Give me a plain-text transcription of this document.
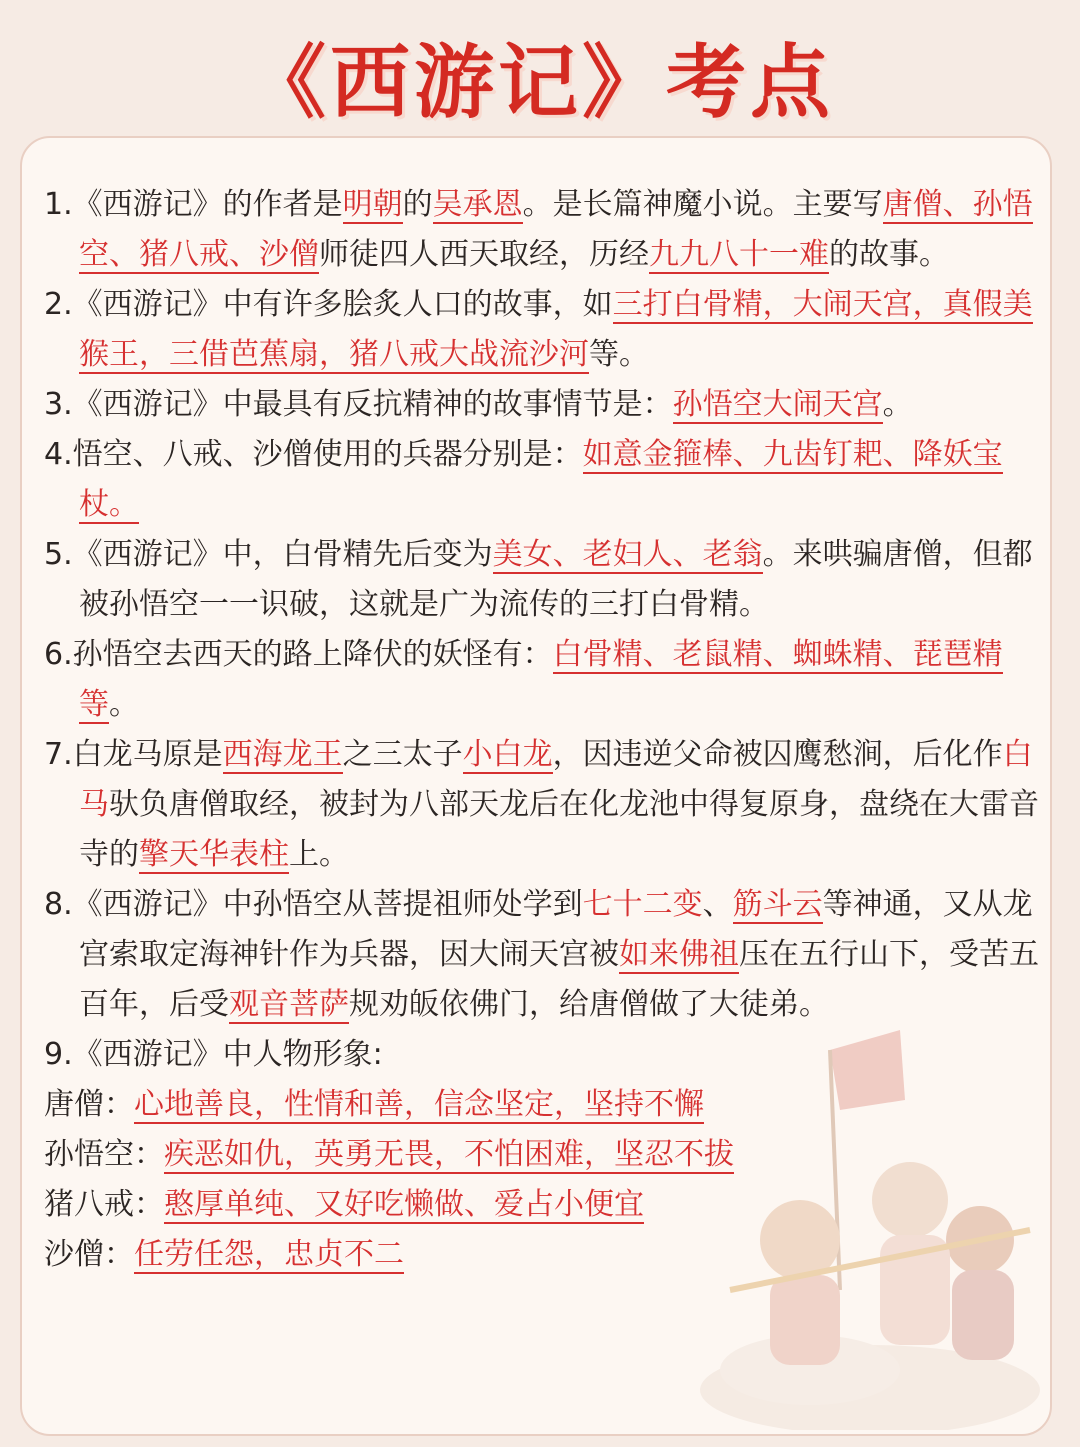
《西游记》考点

1.《西游记》的作者是明朝的吴承恩。是长篇神魔小说。主要写唐僧、孙悟空、猪八戒、沙僧师徒四人西天取经，历经九九八十一难的故事。

2.《西游记》中有许多脍炙人口的故事，如三打白骨精，大闹天宫，真假美猴王，三借芭蕉扇，猪八戒大战流沙河等。

3.《西游记》中最具有反抗精神的故事情节是：孙悟空大闹天宫。

4.悟空、八戒、沙僧使用的兵器分别是：如意金箍棒、九齿钉耙、降妖宝杖。

5.《西游记》中，白骨精先后变为美女、老妇人、老翁。来哄骗唐僧，但都被孙悟空一一识破，这就是广为流传的三打白骨精。

6.孙悟空去西天的路上降伏的妖怪有：白骨精、老鼠精、蜘蛛精、琵琶精等。

7.白龙马原是西海龙王之三太子小白龙，因违逆父命被囚鹰愁涧，后化作白马驮负唐僧取经，被封为八部天龙后在化龙池中得复原身，盘绕在大雷音寺的擎天华表柱上。

8.《西游记》中孙悟空从菩提祖师处学到七十二变、筋斗云等神通，又从龙宫索取定海神针作为兵器，因大闹天宫被如来佛祖压在五行山下，受苦五百年，后受观音菩萨规劝皈依佛门，给唐僧做了大徒弟。

9.《西游记》中人物形象:

唐僧：心地善良，性情和善，信念坚定，坚持不懈

孙悟空：疾恶如仇，英勇无畏，不怕困难，坚忍不拔

猪八戒：憨厚单纯、又好吃懒做、爱占小便宜

沙僧：任劳任怨，忠贞不二
